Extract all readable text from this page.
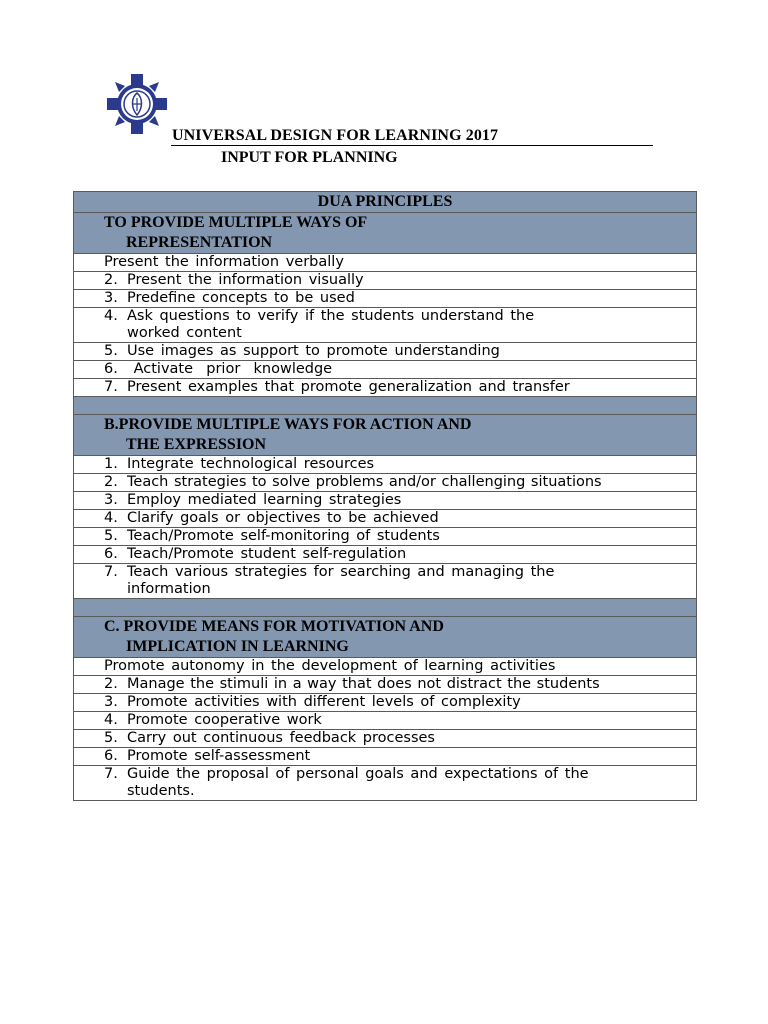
UNIVERSAL DESIGN FOR LEARNING 2017
INPUT FOR PLANNING
DUA PRINCIPLES
TO PROVIDE MULTIPLE WAYS OF
REPRESENTATION

Present the information verbally
2. Present the information visually
3. Predefine concepts to be used
4. Ask questions to verify if the students understand the
worked content

5. Use images as support to promote understanding
6. Activate  prior  knowledge
7. Present examples that promote generalization and transfer

B.PROVIDE MULTIPLE WAYS FOR ACTION AND
THE EXPRESSION

1. Integrate technological resources
2. Teach strategies to solve problems and/or challenging situations
3. Employ mediated learning strategies
4. Clarify goals or objectives to be achieved
5. Teach/Promote self-monitoring of students
6. Teach/Promote student self-regulation
7. Teach various strategies for searching and managing the
information

C. PROVIDE MEANS FOR MOTIVATION AND
IMPLICATION IN LEARNING

Promote autonomy in the development of learning activities
2. Manage the stimuli in a way that does not distract the students
3. Promote activities with different levels of complexity
4. Promote cooperative work
5. Carry out continuous feedback processes
6. Promote self-assessment
7. Guide the proposal of personal goals and expectations of the
students.
